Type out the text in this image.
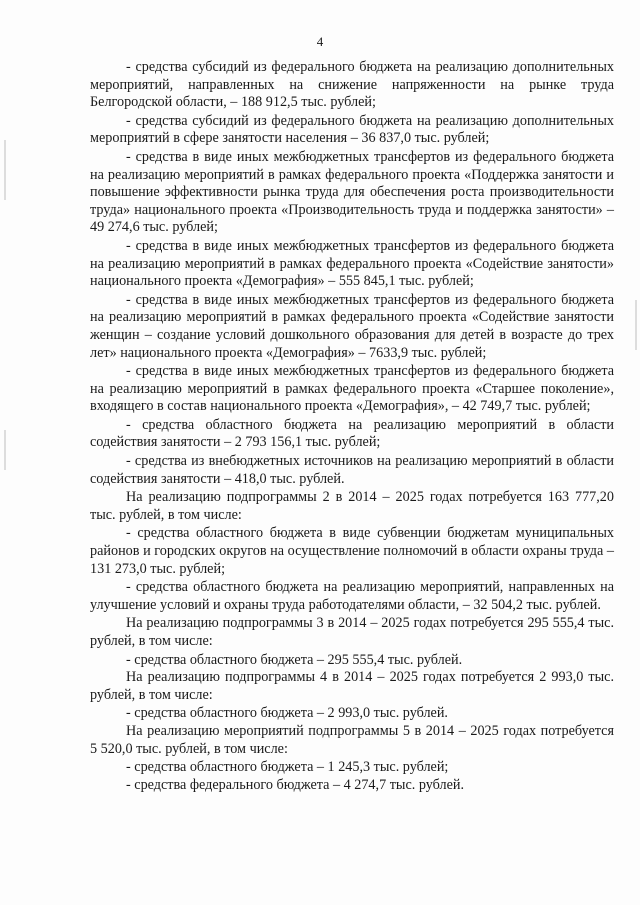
4

- средства субсидий из федерального бюджета на реализацию дополнительных мероприятий, направленных на снижение напряженности на рынке труда Белгородской области, – 188 912,5 тыс. рублей;

- средства субсидий из федерального бюджета на реализацию дополнительных мероприятий в сфере занятости населения – 36 837,0 тыс. рублей;

- средства в виде иных межбюджетных трансфертов из федерального бюджета на реализацию мероприятий в рамках федерального проекта «Поддержка занятости и повышение эффективности рынка труда для обеспечения роста производительности труда» национального проекта «Производительность труда и поддержка занятости» – 49 274,6 тыс. рублей;

- средства в виде иных межбюджетных трансфертов из федерального бюджета на реализацию мероприятий в рамках федерального проекта «Содействие занятости» национального проекта «Демография» – 555 845,1 тыс. рублей;

- средства в виде иных межбюджетных трансфертов из федерального бюджета на реализацию мероприятий в рамках федерального проекта «Содействие занятости женщин – создание условий дошкольного образования для детей в возрасте до трех лет» национального проекта «Демография» – 7633,9 тыс. рублей;

- средства в виде иных межбюджетных трансфертов из федерального бюджета на реализацию мероприятий в рамках федерального проекта «Старшее поколение», входящего в состав национального проекта «Демография», – 42 749,7 тыс. рублей;

- средства областного бюджета на реализацию мероприятий в области содействия занятости – 2 793 156,1 тыс. рублей;

- средства из внебюджетных источников на реализацию мероприятий в области содействия занятости – 418,0 тыс. рублей.

На реализацию подпрограммы 2 в 2014 – 2025 годах потребуется 163 777,20 тыс. рублей, в том числе:

- средства областного бюджета в виде субвенции бюджетам муниципальных районов и городских округов на осуществление полномочий в области охраны труда – 131 273,0 тыс. рублей;

- средства областного бюджета на реализацию мероприятий, направленных на улучшение условий и охраны труда работодателями области, – 32 504,2 тыс. рублей.

На реализацию подпрограммы 3 в 2014 – 2025 годах потребуется 295 555,4 тыс. рублей, в том числе:

- средства областного бюджета – 295 555,4 тыс. рублей.

На реализацию подпрограммы 4 в 2014 – 2025 годах потребуется 2 993,0 тыс. рублей, в том числе:

- средства областного бюджета – 2 993,0 тыс. рублей.

На реализацию мероприятий подпрограммы 5 в 2014 – 2025 годах потребуется 5 520,0 тыс. рублей, в том числе:

- средства областного бюджета – 1 245,3 тыс. рублей;

- средства федерального бюджета – 4 274,7 тыс. рублей.
